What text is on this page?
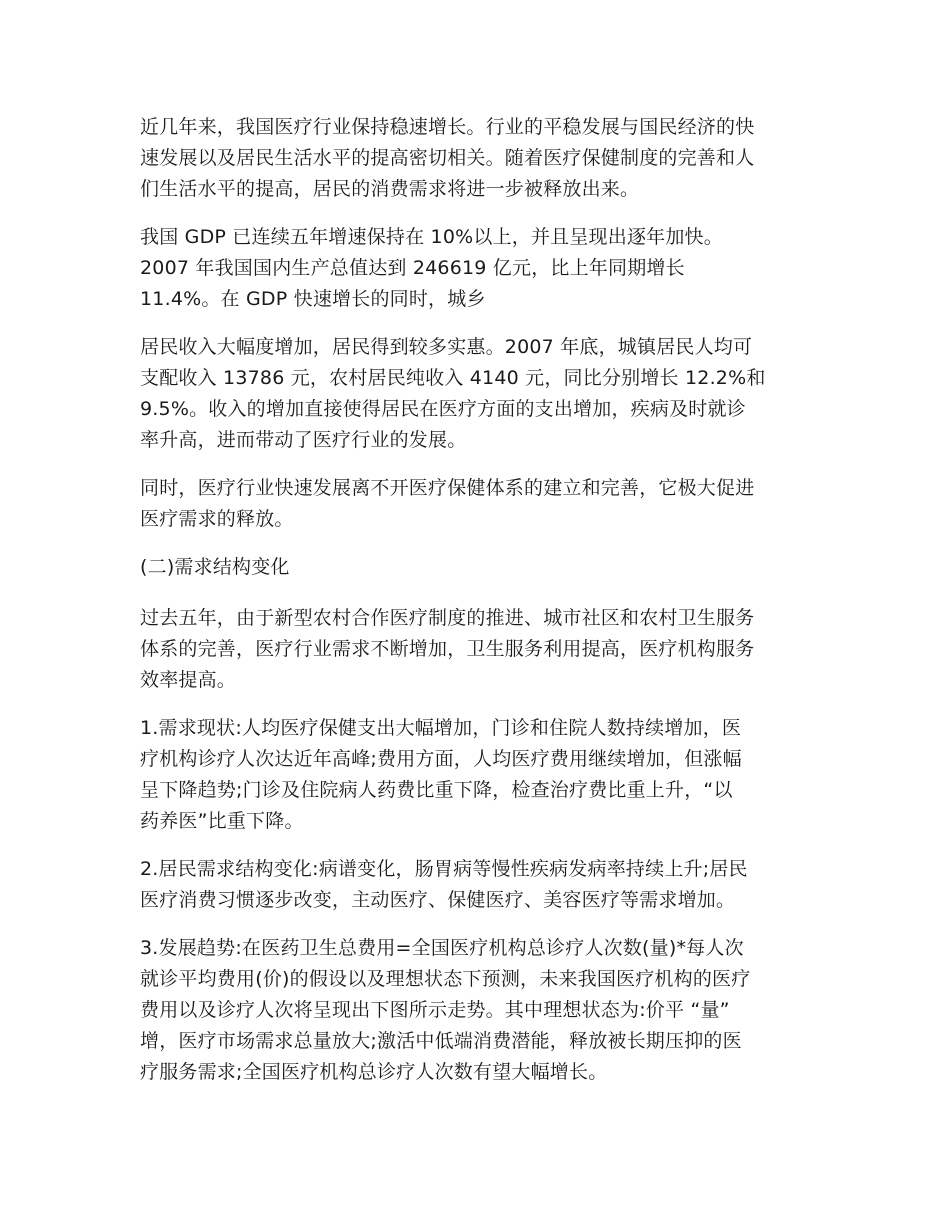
近几年来，我国医疗行业保持稳速增长。行业的平稳发展与国民经济的快
速发展以及居民生活水平的提高密切相关。随着医疗保健制度的完善和人
们生活水平的提高，居民的消费需求将进一步被释放出来。

我国 GDP 已连续五年增速保持在 10%以上，并且呈现出逐年加快。
2007 年我国国内生产总值达到 246619 亿元，比上年同期增长
11.4%。在 GDP 快速增长的同时，城乡

居民收入大幅度增加，居民得到较多实惠。2007 年底，城镇居民人均可
支配收入 13786 元，农村居民纯收入 4140 元，同比分别增长 12.2%和
9.5%。收入的增加直接使得居民在医疗方面的支出增加，疾病及时就诊
率升高，进而带动了医疗行业的发展。

同时，医疗行业快速发展离不开医疗保健体系的建立和完善，它极大促进
医疗需求的释放。

(二)需求结构变化

过去五年，由于新型农村合作医疗制度的推进、城市社区和农村卫生服务
体系的完善，医疗行业需求不断增加，卫生服务利用提高，医疗机构服务
效率提高。

1.需求现状:人均医疗保健支出大幅增加，门诊和住院人数持续增加，医
疗机构诊疗人次达近年高峰;费用方面，人均医疗费用继续增加，但涨幅
呈下降趋势;门诊及住院病人药费比重下降，检查治疗费比重上升，“以
药养医”比重下降。

2.居民需求结构变化:病谱变化，肠胃病等慢性疾病发病率持续上升;居民
医疗消费习惯逐步改变，主动医疗、保健医疗、美容医疗等需求增加。

3.发展趋势:在医药卫生总费用=全国医疗机构总诊疗人次数(量)*每人次
就诊平均费用(价)的假设以及理想状态下预测，未来我国医疗机构的医疗
费用以及诊疗人次将呈现出下图所示走势。其中理想状态为:价平 “量”
增，医疗市场需求总量放大;激活中低端消费潜能，释放被长期压抑的医
疗服务需求;全国医疗机构总诊疗人次数有望大幅增长。
